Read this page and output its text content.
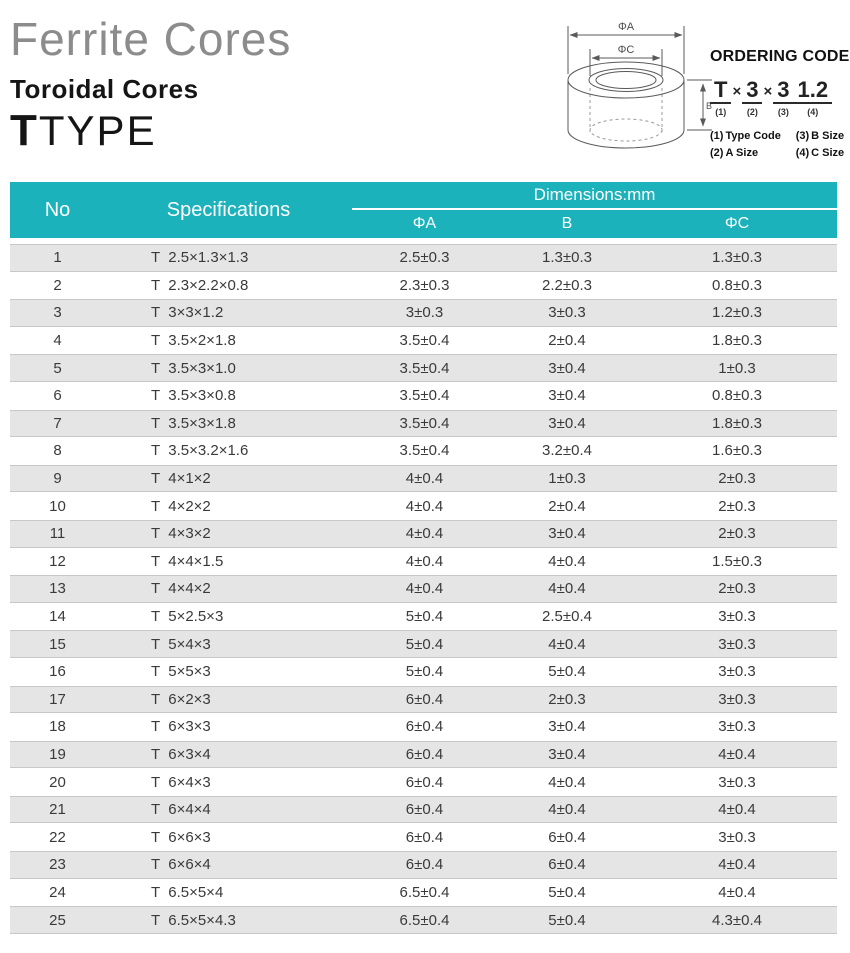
Ferrite Cores
Toroidal Cores
TTYPE
ΦA
ΦC
B
ORDERING CODE
T
(1)
× 3
(2)
× 3
(3)
1.2
(4)
(1) Type Code	(3) B Size
(2) A Size	(4) C Size
No	Specifications	Dimensions:mm		
		ΦA	B	ΦC
1	T  2.5×1.3×1.3	2.5±0.3	1.3±0.3	1.3±0.3
2	T  2.3×2.2×0.8	2.3±0.3	2.2±0.3	0.8±0.3
3	T  3×3×1.2	3±0.3	3±0.3	1.2±0.3
4	T  3.5×2×1.8	3.5±0.4	2±0.4	1.8±0.3
5	T  3.5×3×1.0	3.5±0.4	3±0.4	1±0.3
6	T  3.5×3×0.8	3.5±0.4	3±0.4	0.8±0.3
7	T  3.5×3×1.8	3.5±0.4	3±0.4	1.8±0.3
8	T  3.5×3.2×1.6	3.5±0.4	3.2±0.4	1.6±0.3
9	T  4×1×2	4±0.4	1±0.3	2±0.3
10	T  4×2×2	4±0.4	2±0.4	2±0.3
11	T  4×3×2	4±0.4	3±0.4	2±0.3
12	T  4×4×1.5	4±0.4	4±0.4	1.5±0.3
13	T  4×4×2	4±0.4	4±0.4	2±0.3
14	T  5×2.5×3	5±0.4	2.5±0.4	3±0.3
15	T  5×4×3	5±0.4	4±0.4	3±0.3
16	T  5×5×3	5±0.4	5±0.4	3±0.3
17	T  6×2×3	6±0.4	2±0.3	3±0.3
18	T  6×3×3	6±0.4	3±0.4	3±0.3
19	T  6×3×4	6±0.4	3±0.4	4±0.4
20	T  6×4×3	6±0.4	4±0.4	3±0.3
21	T  6×4×4	6±0.4	4±0.4	4±0.4
22	T  6×6×3	6±0.4	6±0.4	3±0.3
23	T  6×6×4	6±0.4	6±0.4	4±0.4
24	T  6.5×5×4	6.5±0.4	5±0.4	4±0.4
25	T  6.5×5×4.3	6.5±0.4	5±0.4	4.3±0.4
